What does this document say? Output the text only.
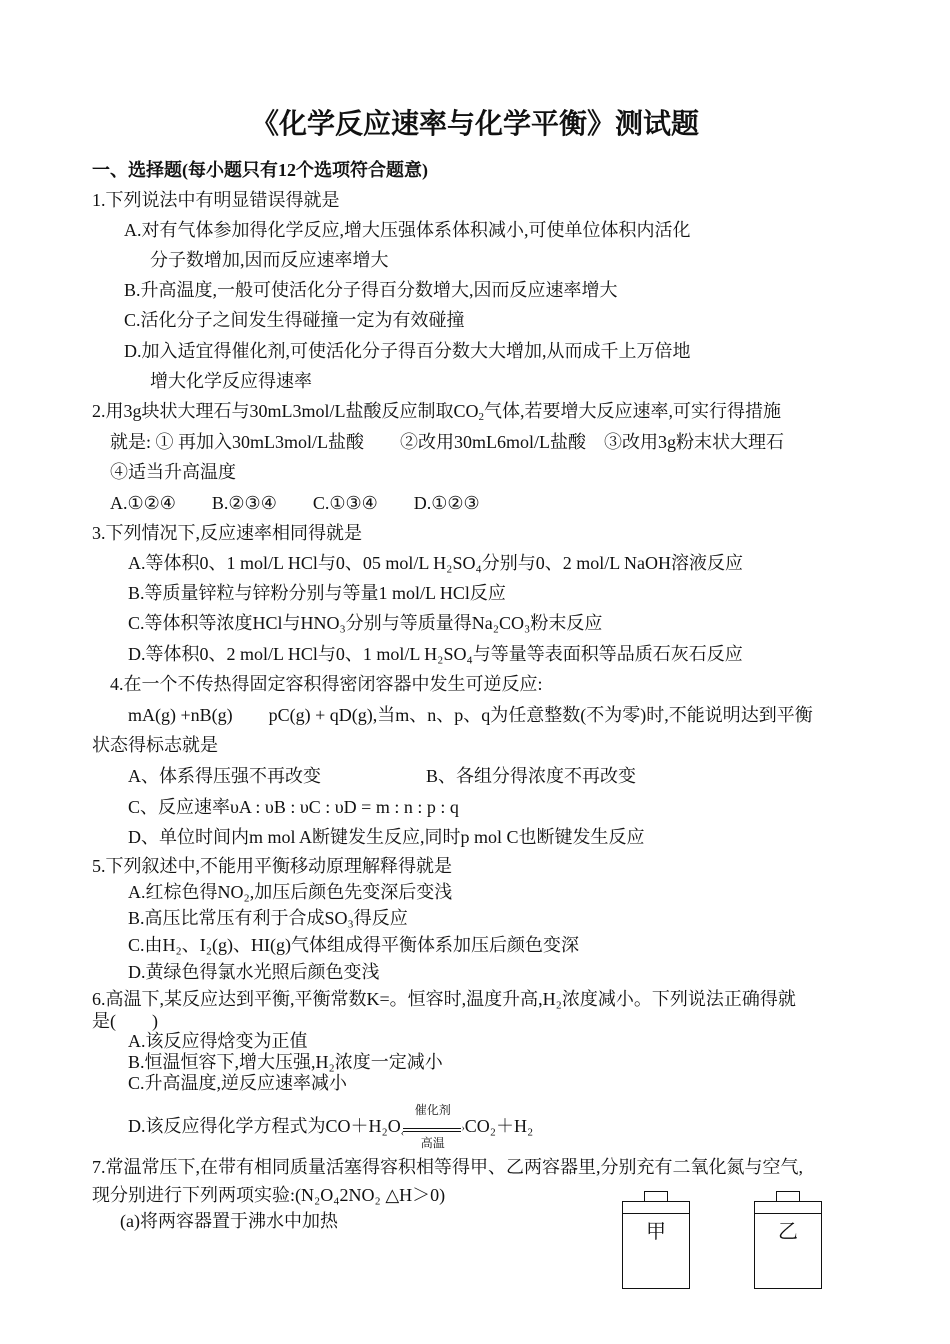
《化学反应速率与化学平衡》测试题
一、选择题(每小题只有12个选项符合题意)
1.下列说法中有明显错误得就是
A.对有气体参加得化学反应,增大压强体系体积减小,可使单位体积内活化
分子数增加,因而反应速率增大
B.升高温度,一般可使活化分子得百分数增大,因而反应速率增大
C.活化分子之间发生得碰撞一定为有效碰撞
D.加入适宜得催化剂,可使活化分子得百分数大大增加,从而成千上万倍地
增大化学反应得速率
2.用3g块状大理石与30mL3mol/L盐酸反应制取$CO_2$气体,若要增大反应速率,可实行得措施
就是: ① 再加入30mL3mol/L盐酸　　②改用30mL6mol/L盐酸　③改用3g粉末状大理石
④适当升高温度
A.①②④　　B.②③④　　C.①③④　　D.①②③
3.下列情况下,反应速率相同得就是
A.等体积0、1 mol/L HCl与0、05 mol/L H₂SO₄分别与0、2 mol/L NaOH溶液反应
B.等质量锌粒与锌粉分别与等量1 mol/L HCl反应
C.等体积等浓度HCl与HNO₃分别与等质量得Na₂CO₃粉末反应
D.等体积0、2 mol/L HCl与0、1 mol/L H₂SO₄与等量等表面积等品质石灰石反应
4.在一个不传热得固定容积得密闭容器中发生可逆反应:
mA(g) +nB(g)　　pC(g) + qD(g),当m、n、p、q为任意整数(不为零)时,不能说明达到平衡
状态得标志就是
A、体系得压强不再改变	B、各组分得浓度不再改变
C、反应速率υA : υB : υC : υD = m : n : p : q
D、单位时间内m mol A断键发生反应,同时p mol C也断键发生反应
5.下列叙述中,不能用平衡移动原理解释得就是
A.红棕色得NO₂,加压后颜色先变深后变浅
B.高压比常压有利于合成SO₃得反应
C.由H₂、I₂(g)、HI(g)气体组成得平衡体系加压后颜色变深
D.黄绿色得氯水光照后颜色变浅
6.高温下,某反应达到平衡,平衡常数K=。恒容时,温度升高,H₂浓度减小。下列说法正确得就
是(　　)
A.该反应得焓变为正值
B.恒温恒容下,增大压强,H₂浓度一定减小
C.升高温度,逆反应速率减小
D.该反应得化学方程式为CO＋H₂O
催化剂
›
‹
高温
CO₂＋H₂
7.常温常压下,在带有相同质量活塞得容积相等得甲、乙两容器里,分别充有二氧化氮与空气,
现分别进行下列两项实验:(N₂O₄2NO₂ △H＞0)
(a)将两容器置于沸水中加热	甲	乙
